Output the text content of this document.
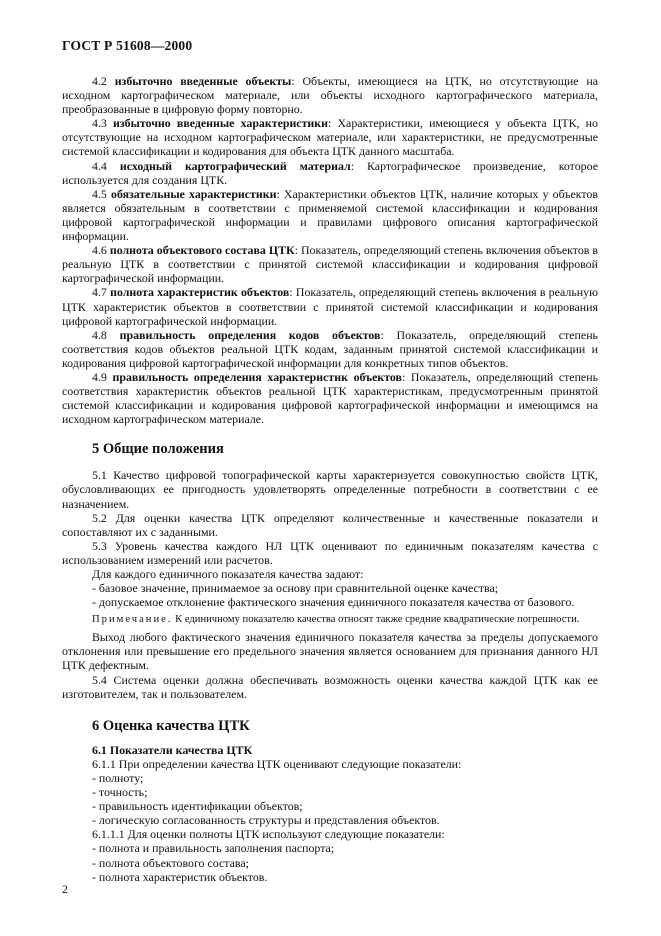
ГОСТ Р 51608—2000

4.2 избыточно введенные объекты: Объекты, имеющиеся на ЦТК, но отсутствующие на исходном картографическом материале, или объекты исходного картографического материала, преобразованные в цифровую форму повторно.

4.3 избыточно введенные характеристики: Характеристики, имеющиеся у объекта ЦТК, но отсутствующие на исходном картографическом материале, или характеристики, не предусмотренные системой классификации и кодирования для объекта ЦТК данного масштаба.

4.4 исходный картографический материал: Картографическое произведение, которое используется для создания ЦТК.

4.5 обязательные характеристики: Характеристики объектов ЦТК, наличие которых у объектов является обязательным в соответствии с применяемой системой классификации и кодирования цифровой картографической информации и правилами цифрового описания картографической информации.

4.6 полнота объектового состава ЦТК: Показатель, определяющий степень включения объектов в реальную ЦТК в соответствии с принятой системой классификации и кодирования цифровой картографической информации.

4.7 полнота характеристик объектов: Показатель, определяющий степень включения в реальную ЦТК характеристик объектов в соответствии с принятой системой классификации и кодирования цифровой картографической информации.

4.8 правильность определения кодов объектов: Показатель, определяющий степень соответствия кодов объектов реальной ЦТК кодам, заданным принятой системой классификации и кодирования цифровой картографической информации для конкретных типов объектов.

4.9 правильность определения характеристик объектов: Показатель, определяющий степень соответствия характеристик объектов реальной ЦТК характеристикам, предусмотренным принятой системой классификации и кодирования цифровой картографической информации и имеющимся на исходном картографическом материале.

5 Общие положения

5.1 Качество цифровой топографической карты характеризуется совокупностью свойств ЦТК, обусловливающих ее пригодность удовлетворять определенные потребности в соответствии с ее назначением.

5.2 Для оценки качества ЦТК определяют количественные и качественные показатели и сопоставляют их с заданными.

5.3 Уровень качества каждого НЛ ЦТК оценивают по единичным показателям качества с использованием измерений или расчетов.

Для каждого единичного показателя качества задают:

- базовое значение, принимаемое за основу при сравнительной оценке качества;

- допускаемое отклонение фактического значения единичного показателя качества от базового.

Примечание. К единичному показателю качества относят также средние квадратические погрешности.

Выход любого фактического значения единичного показателя качества за пределы допускаемого отклонения или превышение его предельного значения является основанием для признания данного НЛ ЦТК дефектным.

5.4 Система оценки должна обеспечивать возможность оценки качества каждой ЦТК как ее изготовителем, так и пользователем.

6 Оценка качества ЦТК

6.1 Показатели качества ЦТК

6.1.1 При определении качества ЦТК оценивают следующие показатели:

- полноту;

- точность;

- правильность идентификации объектов;

- логическую согласованность структуры и представления объектов.

6.1.1.1 Для оценки полноты ЦТК используют следующие показатели:

- полнота и правильность заполнения паспорта;

- полнота объектового состава;

- полнота характеристик объектов.

2
